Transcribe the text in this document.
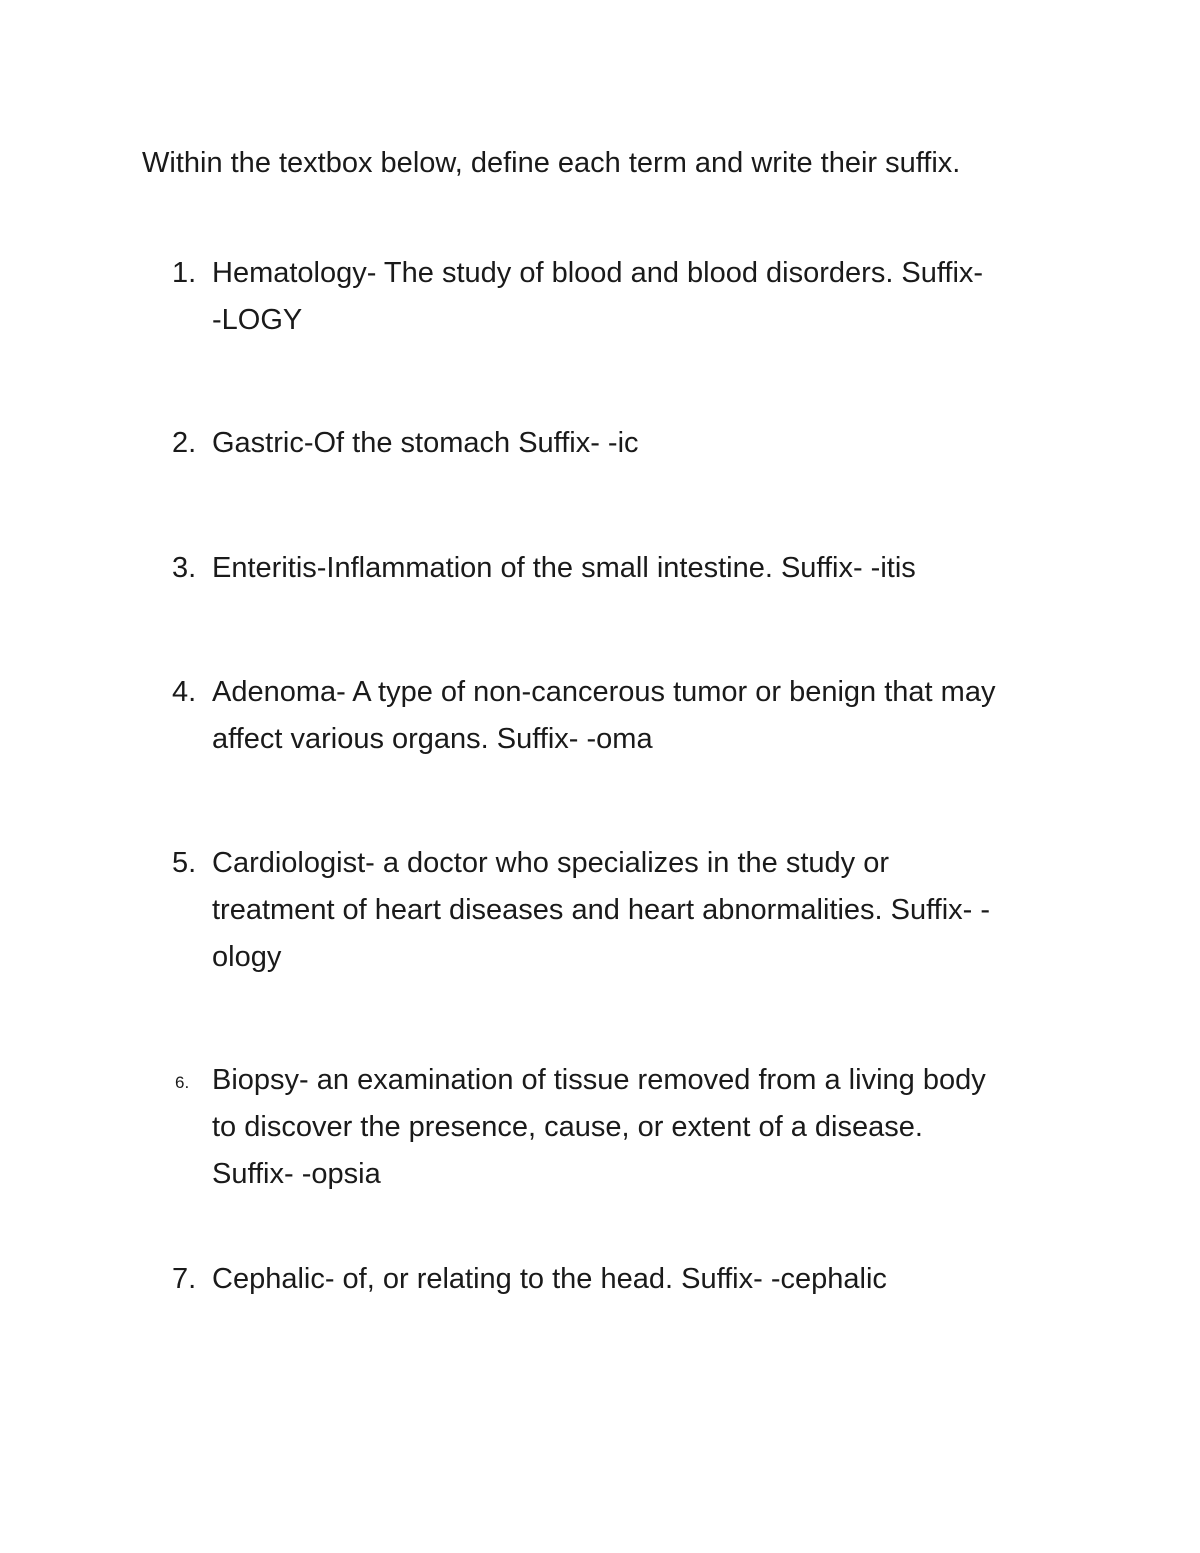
Within the textbox below, define each term and write their suffix.

1. Hematology- The study of blood and blood disorders. Suffix- -LOGY

2. Gastric-Of the stomach Suffix- -ic

3. Enteritis-Inflammation of the small intestine. Suffix- -itis

4. Adenoma- A type of non-cancerous tumor or benign that may affect various organs. Suffix- -oma

5. Cardiologist- a doctor who specializes in the study or treatment of heart diseases and heart abnormalities. Suffix- -ology

6. Biopsy- an examination of tissue removed from a living body to discover the presence, cause, or extent of a disease. Suffix- -opsia

7. Cephalic- of, or relating to the head. Suffix- -cephalic
